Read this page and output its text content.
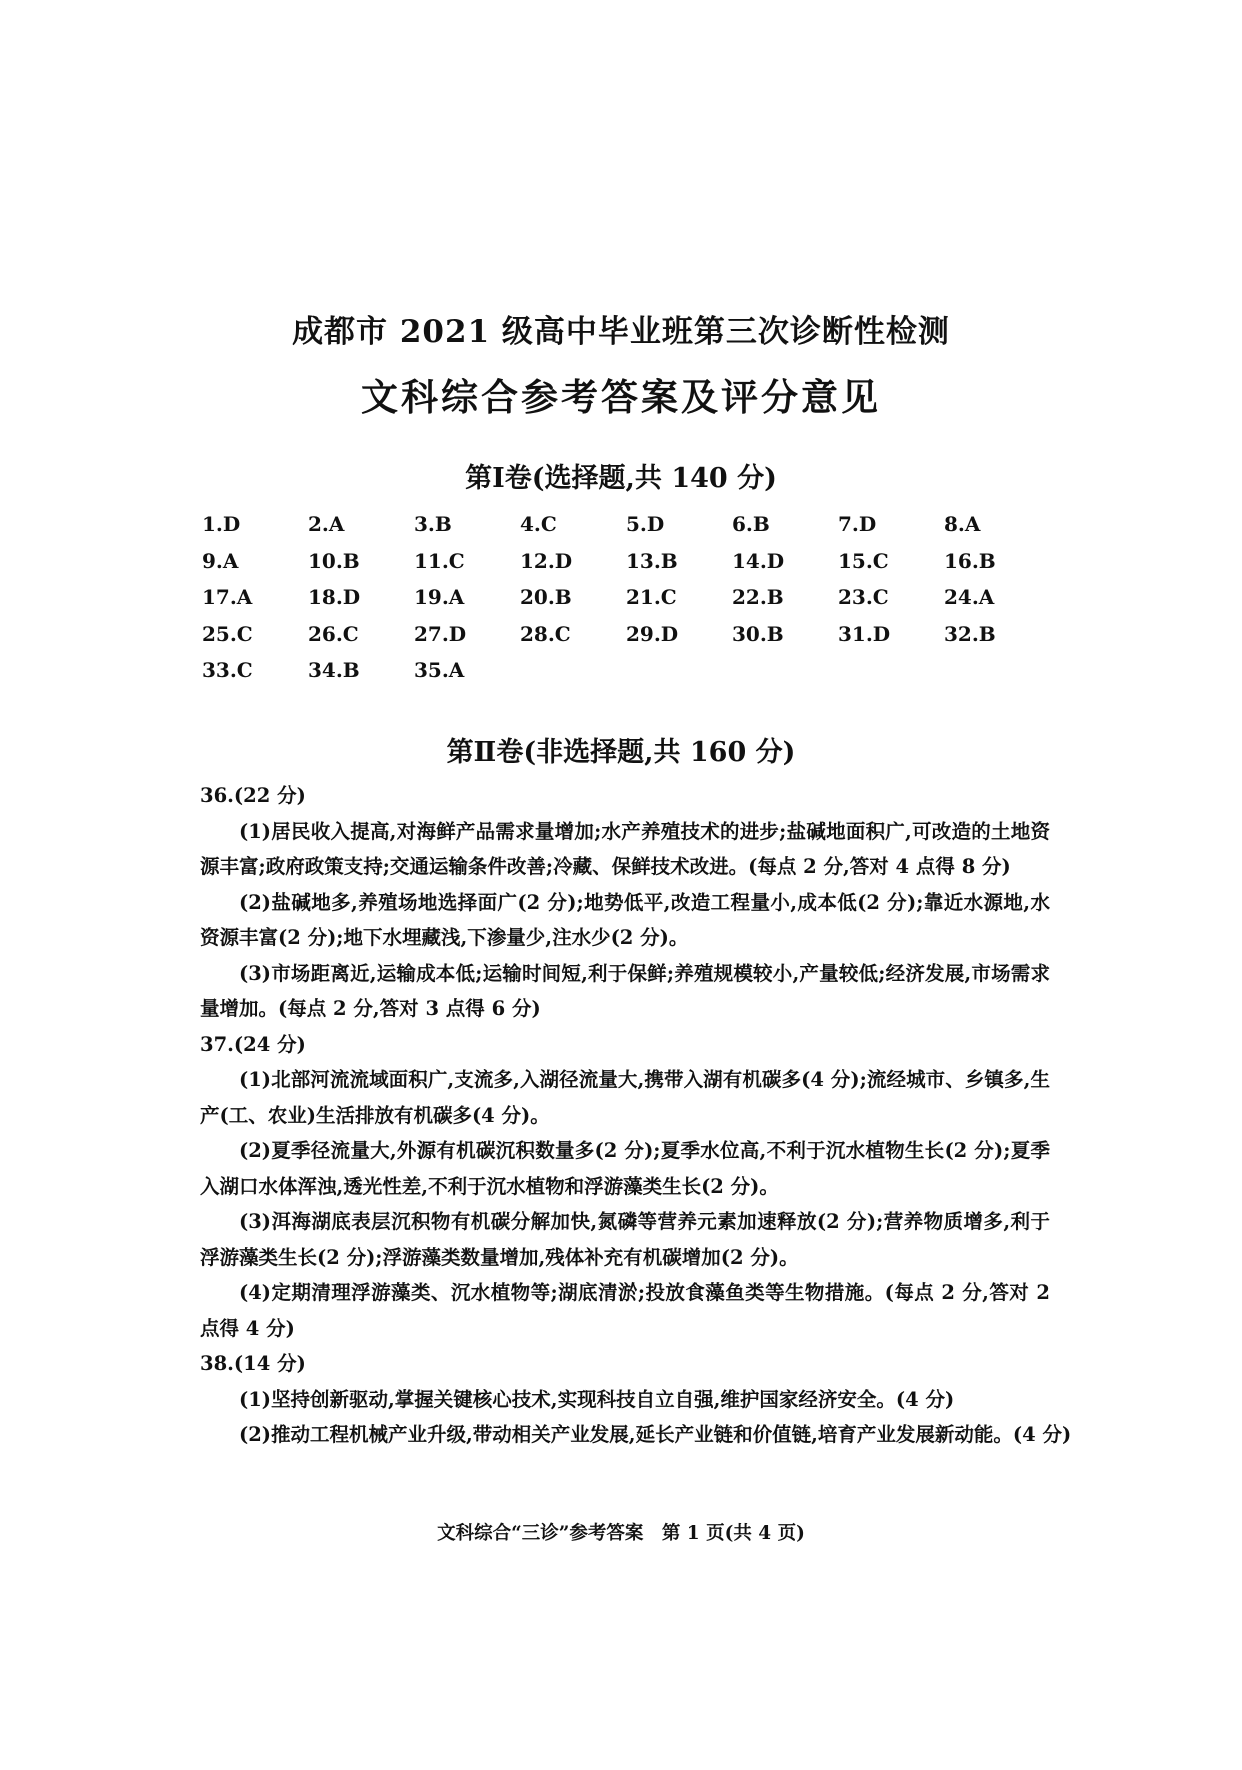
成都市 2021 级高中毕业班第三次诊断性检测
文科综合参考答案及评分意见
第Ⅰ卷(选择题,共 140 分)
1.D	2.A	3.B	4.C	5.D	6.B	7.D	8.A
9.A	10.B	11.C	12.D	13.B	14.D	15.C	16.B
17.A	18.D	19.A	20.B	21.C	22.B	23.C	24.A
25.C	26.C	27.D	28.C	29.D	30.B	31.D	32.B
33.C	34.B	35.A
第Ⅱ卷(非选择题,共 160 分)

36.(22 分)

(1)居民收入提高,对海鲜产品需求量增加;水产养殖技术的进步;盐碱地面积广,可改造的土地资源丰富;政府政策支持;交通运输条件改善;冷藏、保鲜技术改进。(每点 2 分,答对 4 点得 8 分)

(2)盐碱地多,养殖场地选择面广(2 分);地势低平,改造工程量小,成本低(2 分);靠近水源地,水资源丰富(2 分);地下水埋藏浅,下渗量少,注水少(2 分)。

(3)市场距离近,运输成本低;运输时间短,利于保鲜;养殖规模较小,产量较低;经济发展,市场需求量增加。(每点 2 分,答对 3 点得 6 分)

37.(24 分)

(1)北部河流流域面积广,支流多,入湖径流量大,携带入湖有机碳多(4 分);流经城市、乡镇多,生产(工、农业)生活排放有机碳多(4 分)。

(2)夏季径流量大,外源有机碳沉积数量多(2 分);夏季水位高,不利于沉水植物生长(2 分);夏季入湖口水体浑浊,透光性差,不利于沉水植物和浮游藻类生长(2 分)。

(3)洱海湖底表层沉积物有机碳分解加快,氮磷等营养元素加速释放(2 分);营养物质增多,利于浮游藻类生长(2 分);浮游藻类数量增加,残体补充有机碳增加(2 分)。

(4)定期清理浮游藻类、沉水植物等;湖底清淤;投放食藻鱼类等生物措施。(每点 2 分,答对 2 点得 4 分)

38.(14 分)

(1)坚持创新驱动,掌握关键核心技术,实现科技自立自强,维护国家经济安全。(4 分)

(2)推动工程机械产业升级,带动相关产业发展,延长产业链和价值链,培育产业发展新动能。(4 分)

文科综合“三诊”参考答案 第 1 页(共 4 页)
